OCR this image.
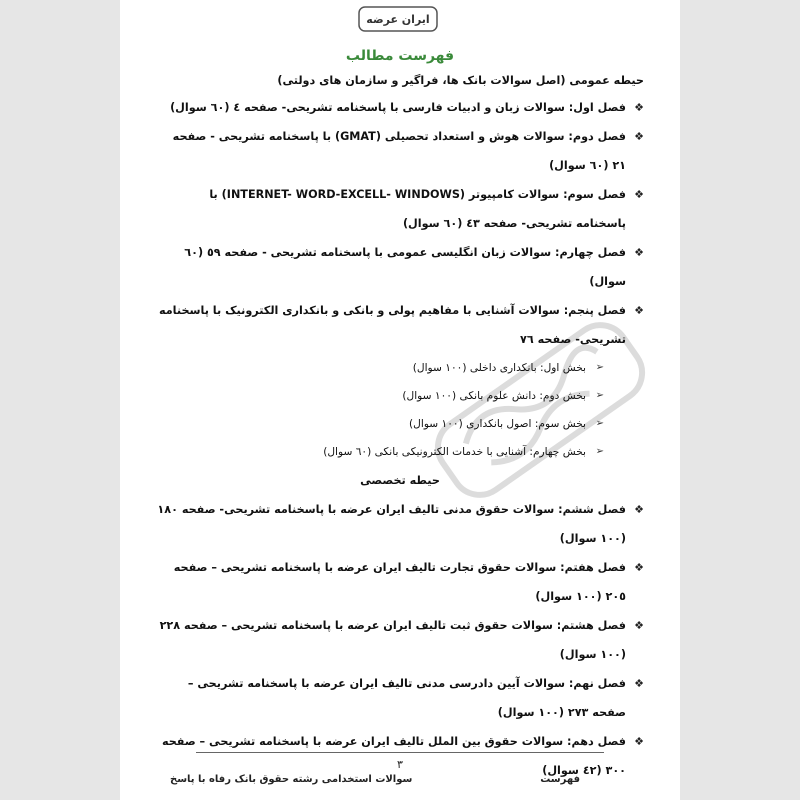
ایران عرضه
فهرست مطالب
حیطه عمومی (اصل سوالات بانک ها، فراگیر و سازمان های دولتی)
❖
فصل اول: سوالات زبان و ادبیات فارسی با پاسخنامه تشریحی- صفحه ٤ (٦٠ سوال)
❖
فصل دوم: سوالات هوش و استعداد تحصیلی (GMAT) با پاسخنامه تشریحی - صفحه ٢١ (٦٠ سوال)
❖
فصل سوم: سوالات کامپیوتر (INTERNET- WORD-EXCELL- WINDOWS) با پاسخنامه تشریحی- صفحه ٤٣ (٦٠ سوال)
❖
فصل چهارم: سوالات زبان انگلیسی عمومی با پاسخنامه تشریحی - صفحه ٥٩ (٦٠ سوال)
❖
فصل پنجم: سوالات آشنایی با مفاهیم پولی و بانکی و بانکداری الکترونیک با پاسخنامه تشریحی- صفحه ٧٦
➢
بخش اول: بانکداری داخلی (١٠٠ سوال)
➢
بخش دوم: دانش علوم بانکی (١٠٠ سوال)
➢
بخش سوم: اصول بانکداری (١٠٠ سوال)
➢
بخش چهارم: آشنایی با خدمات الکترونیکی بانکی (٦٠ سوال)
حیطه تخصصی
❖
فصل ششم: سوالات حقوق مدنی تالیف ایران عرضه با پاسخنامه تشریحی- صفحه ١٨٠ (١٠٠ سوال)
❖
فصل هفتم: سوالات حقوق تجارت تالیف ایران عرضه با پاسخنامه تشریحی – صفحه ٢٠٥ (١٠٠ سوال)
❖
فصل هشتم: سوالات حقوق ثبت تالیف ایران عرضه با پاسخنامه تشریحی – صفحه ٢٢٨ (١٠٠ سوال)
❖
فصل نهم: سوالات آیین دادرسی مدنی تالیف ایران عرضه با پاسخنامه تشریحی – صفحه ٢٧٣ (١٠٠ سوال)
❖
فصل دهم: سوالات حقوق بین الملل تالیف ایران عرضه با پاسخنامه تشریحی – صفحه ٣٠٠ (٤٢ سوال)
٣
سوالات استخدامی رشته حقوق بانک رفاه با پاسخ	فهرست
